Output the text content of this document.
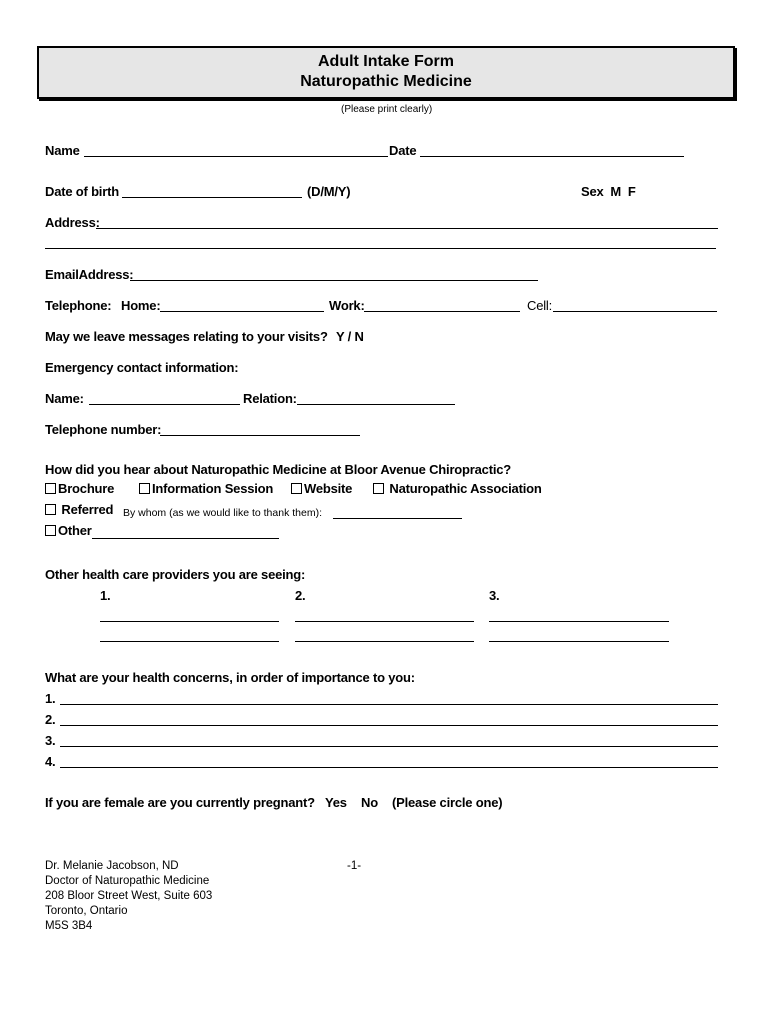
Adult Intake Form
Naturopathic Medicine
(Please print clearly)
Name	Date
Date of birth	(D/M/Y)	Sex M F
Address:
EmailAddress:
Telephone: Home:	Work:	Cell:
May we leave messages relating to your visits? Y / N
Emergency contact information:
Name:	Relation:
Telephone number:
How did you hear about Naturopathic Medicine at Bloor Avenue Chiropractic?
Brochure	Information Session	Website	Naturopathic Association
Referred By whom (as we would like to thank them):
Other
Other health care providers you are seeing:
1.	2.	3.
What are your health concerns, in order of importance to you:
1.
2.
3.
4.
If you are female are you currently pregnant? Yes No (Please circle one)
Dr. Melanie Jacobson, ND
Doctor of Naturopathic Medicine
208 Bloor Street West, Suite 603
Toronto, Ontario
M5S 3B4
-1-
